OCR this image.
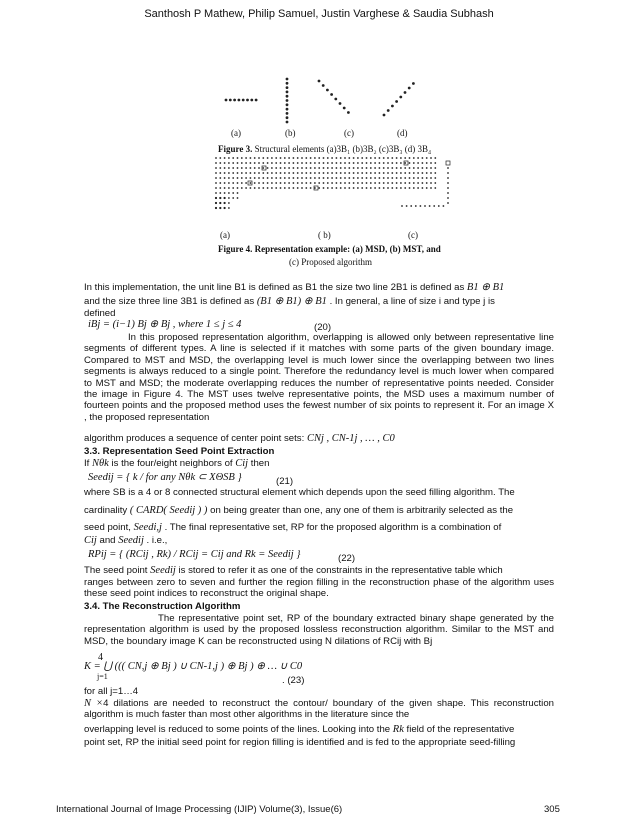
Santhosh P Mathew, Philip Samuel, Justin Varghese & Saudia Subhash
(a)	(b)	(c)	(d)
Figure 3. Structural elements (a)3B₁ (b)3B₂ (c)3B₃ (d) 3B₄
(a)	( b)	(c)
Figure 4. Representation example: (a) MSD, (b) MST, and
(c) Proposed algorithm
In this implementation, the unit line B1 is defined as B1 the size two line 2B1 is defined as B1 ⊕ B1
and the size three line 3B1 is defined as (B1 ⊕ B1) ⊕ B1 . In general, a line of size i and type j is
defined
iBj = (i−1) Bj ⊕ Bj , where 1 ≤ j ≤ 4	(20)
In this proposed representation algorithm, overlapping is allowed only between representative line segments of different types. A line is selected if it matches with some parts of the given boundary image. Compared to MST and MSD, the overlapping level is much lower since the overlapping between two lines segments is always reduced to a single point. Therefore the redundancy level is much lower when compared to MST and MSD; the moderate overlapping reduces the number of representative points needed. Consider the image in Figure 4. The MST uses twelve representative points, the MSD uses a maximum number of fourteen points and the proposed method uses the fewest number of six points to represent it. For an image X , the proposed representation
algorithm produces a sequence of center point sets: CNj , CN-1j , … , C0
3.3. Representation Seed Point Extraction
If Nθk is the four/eight neighbors of Cij then
Seedij = { k / for any Nθk ⊂ XΘSB }	(21)
where SB is a 4 or 8 connected structural element which depends upon the seed filling algorithm. The
cardinality ( CARD( Seedij ) ) on being greater than one, any one of them is arbitrarily selected as the
seed point, Seedi,j . The final representative set, RP for the proposed algorithm is a combination of
Cij and Seedij . i.e.,
RPij = { (RCij , Rk) / RCij = Cij and Rk = Seedij }	(22)
The seed point Seedij is stored to refer it as one of the constraints in the representative table which
ranges between zero to seven and further the region filling in the reconstruction phase of the algorithm uses these seed point indices to reconstruct the original shape.
3.4. The Reconstruction Algorithm
The representative point set, RP of the boundary extracted binary shape generated by the representation algorithm is used by the proposed lossless reconstruction algorithm. Similar to the MST and MSD, the boundary image K can be reconstructed using N dilations of RCij with Bj
4
K = ⋃ ((( CN,j ⊕ Bj ) ∪ CN-1,j ) ⊕ Bj ) ⊕ … ∪ C0
j=1	. (23)
for all j=1…4
N ×4 dilations are needed to reconstruct the contour/ boundary of the given shape. This reconstruction algorithm is much faster than most other algorithms in the literature since the
overlapping level is reduced to some points of the lines. Looking into the Rk field of the representative
point set, RP the initial seed point for region filling is identified and is fed to the appropriate seed-filling
International Journal of Image Processing (IJIP) Volume(3), Issue(6)	305
